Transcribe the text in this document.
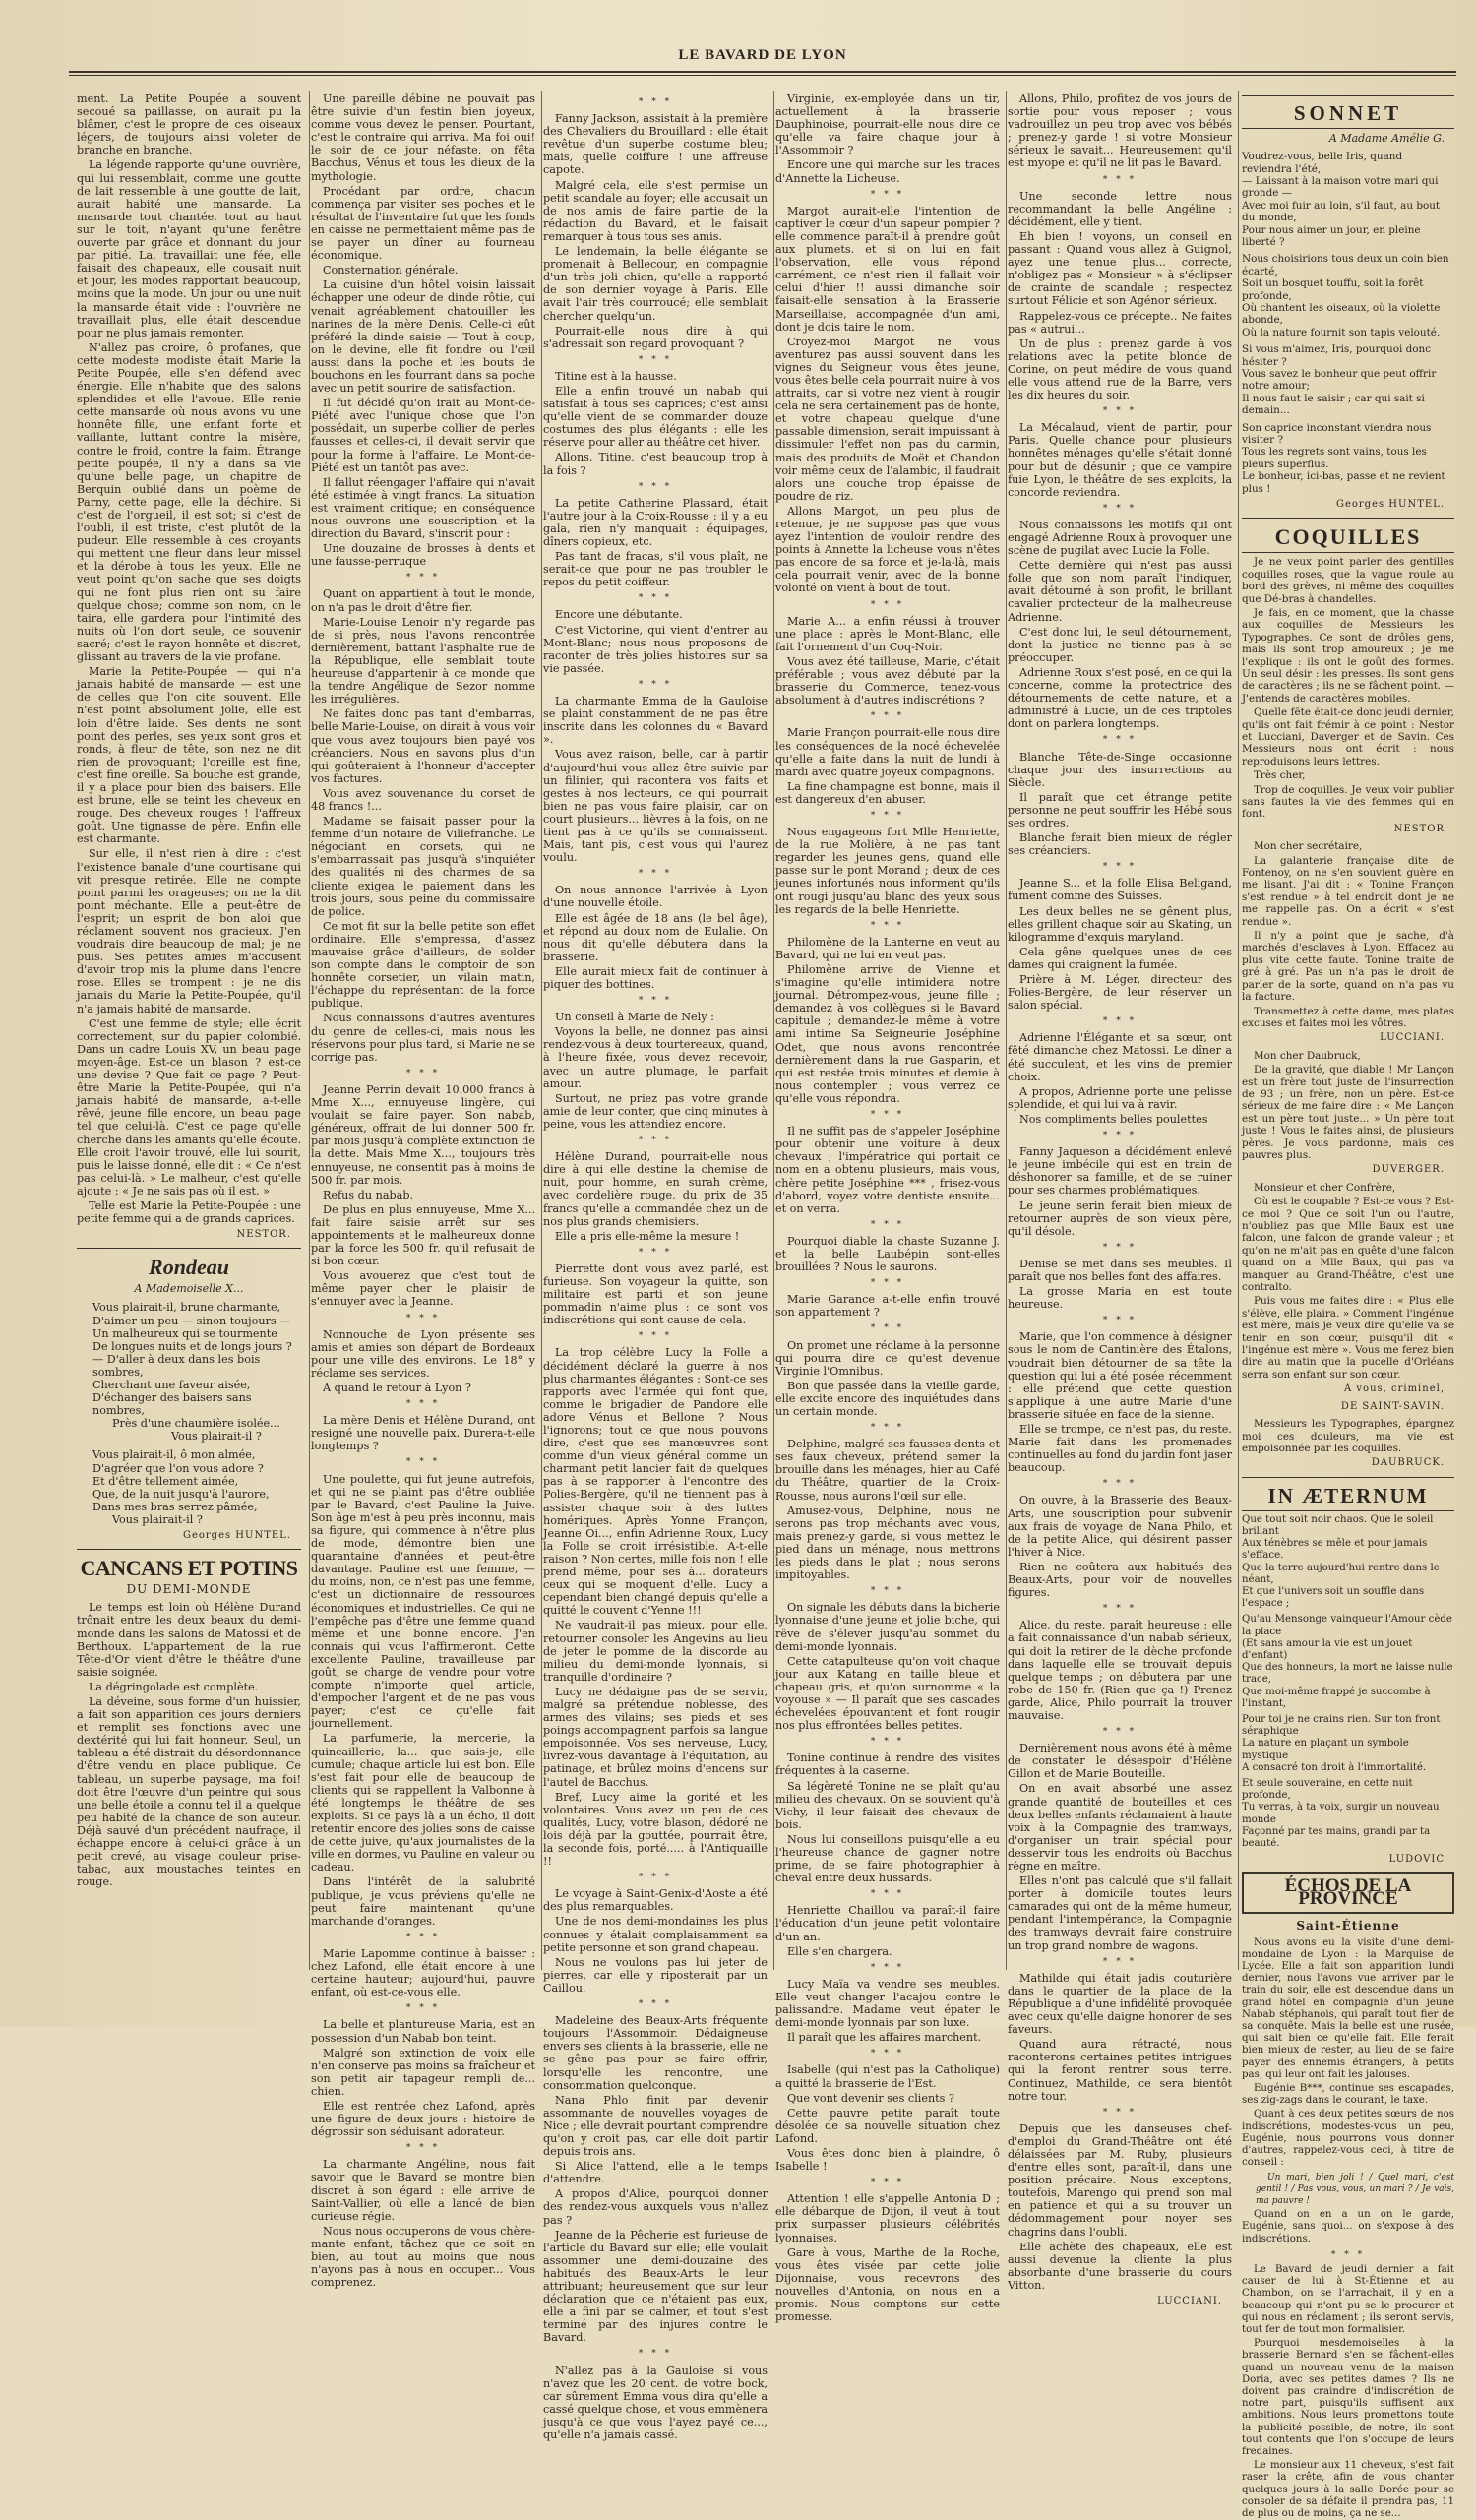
LE BAVARD DE LYON

ment. La Petite Poupée a souvent secoué sa paillasse, on aurait pu la blâmer, c'est le propre de ces oiseaux légers, de toujours ainsi voleter de branche en branche.

La légende rapporte qu'une ouvrière, qui lui ressemblait, comme une goutte de lait ressemble à une goutte de lait, aurait habité une mansarde. La mansarde tout chantée, tout au haut sur le toit, n'ayant qu'une fenêtre ouverte par grâce et donnant du jour par pitié. La, travaillait une fée, elle faisait des chapeaux, elle cousait nuit et jour, les modes rapportait beaucoup, moins que la mode. Un jour ou une nuit la mansarde était vide : l'ouvrière ne travaillait plus, elle était descendue pour ne plus jamais remonter.

N'allez pas croire, ô profanes, que cette modeste modiste était Marie la Petite Poupée, elle s'en défend avec énergie. Elle n'habite que des salons splendides et elle l'avoue. Elle renie cette mansarde où nous avons vu une honnête fille, une enfant forte et vaillante, luttant contre la misère, contre le froid, contre la faim. Étrange petite poupée, il n'y a dans sa vie qu'une belle page, un chapitre de Berquin oublié dans un poème de Parny, cette page, elle la déchire. Si c'est de l'orgueil, il est sot; si c'est de l'oubli, il est triste, c'est plutôt de la pudeur. Elle ressemble à ces croyants qui mettent une fleur dans leur missel et la dérobe à tous les yeux. Elle ne veut point qu'on sache que ses doigts qui ne font plus rien ont su faire quelque chose; comme son nom, on le taira, elle gardera pour l'intimité des nuits où l'on dort seule, ce souvenir sacré; c'est le rayon honnête et discret, glissant au travers de la vie profane.

Marie la Petite-Poupée — qui n'a jamais habité de mansarde — est une de celles que l'on cite souvent. Elle n'est point absolument jolie, elle est loin d'être laide. Ses dents ne sont point des perles, ses yeux sont gros et ronds, à fleur de tête, son nez ne dit rien de provoquant; l'oreille est fine, c'est fine oreille. Sa bouche est grande, il y a place pour bien des baisers. Elle est brune, elle se teint les cheveux en rouge. Des cheveux rouges ! l'affreux goût. Une tignasse de père. Enfin elle est charmante.

Sur elle, il n'est rien à dire : c'est l'existence banale d'une courtisane qui vit presque retirée. Elle ne compte point parmi les orageuses; on ne la dit point méchante. Elle a peut-être de l'esprit; un esprit de bon aloi que réclament souvent nos gracieux. J'en voudrais dire beaucoup de mal; je ne puis. Ses petites amies m'accusent d'avoir trop mis la plume dans l'encre rose. Elles se trompent : je ne dis jamais du Marie la Petite-Poupée, qu'il n'a jamais habité de mansarde.

C'est une femme de style; elle écrit correctement, sur du papier colombié. Dans un cadre Louis XV, un beau page moyen-âge. Est-ce un blason ? est-ce une devise ? Que fait ce page ? Peut-être Marie la Petite-Poupée, qui n'a jamais habité de mansarde, a-t-elle rêvé, jeune fille encore, un beau page tel que celui-là. C'est ce page qu'elle cherche dans les amants qu'elle écoute. Elle croit l'avoir trouvé, elle lui sourit, puis le laisse donné, elle dit : « Ce n'est pas celui-là. » Le malheur, c'est qu'elle ajoute : « Je ne sais pas où il est. »

Telle est Marie la Petite-Poupée : une petite femme qui a de grands caprices.

NESTOR.
Rondeau
A Mademoiselle X...
Vous plairait-il, brune charmante,
D'aimer un peu — sinon toujours —
Un malheureux qui se tourmente
De longues nuits et de longs jours ?
— D'aller à deux dans les bois sombres,
Cherchant une faveur aisée,
D'échanger des baisers sans nombres,
Près d'une chaumière isolée...
Vous plairait-il ?
Vous plairait-il, ô mon almée,
D'agréer que l'on vous adore ?
Et d'être tellement aimée,
Que, de la nuit jusqu'à l'aurore,
Dans mes bras serrez pâmée,
Vous plairait-il ?
Georges HUNTEL.
CANCANS ET POTINS
DU DEMI-MONDE

Le temps est loin où Hélène Durand trônait entre les deux beaux du demi-monde dans les salons de Matossi et de Berthoux. L'appartement de la rue Tête-d'Or vient d'être le théâtre d'une saisie soignée.

La dégringolade est complète.

La déveine, sous forme d'un huissier, a fait son apparition ces jours derniers et remplit ses fonctions avec une dextérité qui lui fait honneur. Seul, un tableau a été distrait du désordonnance d'être vendu en place publique. Ce tableau, un superbe paysage, ma foi! doit être l'œuvre d'un peintre qui sous une belle étoile a connu tel il a quelque peu habité de la chance de son auteur. Déjà sauvé d'un précédent naufrage, il échappe encore à celui-ci grâce à un petit crevé, au visage couleur prise-tabac, aux moustaches teintes en rouge.

Une pareille débine ne pouvait pas être suivie d'un festin bien joyeux, comme vous devez le penser. Pourtant, c'est le contraire qui arriva. Ma foi oui! le soir de ce jour néfaste, on fêta Bacchus, Vénus et tous les dieux de la mythologie.

Procédant par ordre, chacun commença par visiter ses poches et le résultat de l'inventaire fut que les fonds en caisse ne permettaient même pas de se payer un dîner au fourneau économique.

Consternation générale.

La cuisine d'un hôtel voisin laissait échapper une odeur de dinde rôtie, qui venait agréablement chatouiller les narines de la mère Denis. Celle-ci eût préféré la dinde saisie — Tout à coup, on le devine, elle fit fondre ou l'œil aussi dans la poche et les bouts de bouchons en les fourrant dans sa poche avec un petit sourire de satisfaction.

Il fut décidé qu'on irait au Mont-de-Piété avec l'unique chose que l'on possédait, un superbe collier de perles fausses et celles-ci, il devait servir que pour la forme à l'affaire. Le Mont-de-Piété est un tantôt pas avec.

Il fallut réengager l'affaire qui n'avait été estimée à vingt francs. La situation est vraiment critique; en conséquence nous ouvrons une souscription et la direction du Bavard, s'inscrit pour :

Une douzaine de brosses à dents et une fausse-perruque

* * *

Quant on appartient à tout le monde, on n'a pas le droit d'être fier.

Marie-Louise Lenoir n'y regarde pas de si près, nous l'avons rencontrée dernièrement, battant l'asphalte rue de la République, elle semblait toute heureuse d'appartenir à ce monde que la tendre Angélique de Sezor nomme les irrégulières.

Ne faites donc pas tant d'embarras, belle Marie-Louise, on dirait à vous voir que vous avez toujours bien payé vos créanciers. Nous en savons plus d'un qui goûteraient à l'honneur d'accepter vos factures.

Vous avez souvenance du corset de 48 francs !...

Madame se faisait passer pour la femme d'un notaire de Villefranche. Le négociant en corsets, qui ne s'embarrassait pas jusqu'à s'inquiéter des qualités ni des charmes de sa cliente exigea le paiement dans les trois jours, sous peine du commissaire de police.

Ce mot fit sur la belle petite son effet ordinaire. Elle s'empressa, d'assez mauvaise grâce d'ailleurs, de solder son compte dans le comptoir de son honnête corsetier, un vilain matin, l'échappe du représentant de la force publique.

Nous connaissons d'autres aventures du genre de celles-ci, mais nous les réservons pour plus tard, si Marie ne se corrige pas.

* * *

Jeanne Perrin devait 10.000 francs à Mme X..., ennuyeuse lingère, qui voulait se faire payer. Son nabab, généreux, offrait de lui donner 500 fr. par mois jusqu'à complète extinction de la dette. Mais Mme X..., toujours très ennuyeuse, ne consentit pas à moins de 500 fr. par mois.

Refus du nabab.

De plus en plus ennuyeuse, Mme X... fait faire saisie arrêt sur ses appointements et le malheureux donne par la force les 500 fr. qu'il refusait de si bon cœur.

Vous avouerez que c'est tout de même payer cher le plaisir de s'ennuyer avec la Jeanne.

* * *

Nonnouche de Lyon présente ses amis et amies son départ de Bordeaux pour une ville des environs. Le 18° y réclame ses services.

A quand le retour à Lyon ?

* * *

La mère Denis et Hélène Durand, ont resigné une nouvelle paix. Durera-t-elle longtemps ?

* * *

Une poulette, qui fut jeune autrefois, et qui ne se plaint pas d'être oubliée par le Bavard, c'est Pauline la Juive. Son âge m'est à peu près inconnu, mais sa figure, qui commence à n'être plus de mode, démontre bien une quarantaine d'années et peut-être davantage. Pauline est une femme, — du moins, non, ce n'est pas une femme, c'est un dictionnaire de ressources économiques et industrielles. Ce qui ne l'empêche pas d'être une femme quand même et une bonne encore. J'en connais qui vous l'affirmeront. Cette excellente Pauline, travailleuse par goût, se charge de vendre pour votre compte n'importe quel article, d'empocher l'argent et de ne pas vous payer; c'est ce qu'elle fait journellement.

La parfumerie, la mercerie, la quincaillerie, la... que sais-je, elle cumule; chaque article lui est bon. Elle s'est fait pour elle de beaucoup de clients qui se rappellent la Valbonne à été longtemps le théâtre de ses exploits. Si ce pays là a un écho, il doit retentir encore des jolies sons de caisse de cette juive, qu'aux journalistes de la ville en dormes, vu Pauline en valeur ou cadeau.

Dans l'intérêt de la salubrité publique, je vous préviens qu'elle ne peut faire maintenant qu'une marchande d'oranges.

* * *

Marie Lapomme continue à baisser : chez Lafond, elle était encore à une certaine hauteur; aujourd'hui, pauvre enfant, où est-ce-vous elle.

* * *

La belle et plantureuse Maria, est en possession d'un Nabab bon teint.

Malgré son extinction de voix elle n'en conserve pas moins sa fraîcheur et son petit air tapageur rempli de... chien.

Elle est rentrée chez Lafond, après une figure de deux jours : histoire de dégrossir son séduisant adorateur.

* * *

La charmante Angéline, nous fait savoir que le Bavard se montre bien discret à son égard : elle arrive de Saint-Vallier, où elle a lancé de bien curieuse régie.

Nous nous occuperons de vous chère-mante enfant, tâchez que ce soit en bien, au tout au moins que nous n'ayons pas à nous en occuper... Vous comprenez.

* * *

Fanny Jackson, assistait à la première des Chevaliers du Brouillard : elle était revêtue d'un superbe costume bleu; mais, quelle coiffure ! une affreuse capote.

Malgré cela, elle s'est permise un petit scandale au foyer; elle accusait un de nos amis de faire partie de la rédaction du Bavard, et le faisait remarquer à tous tous ses amis.

Le lendemain, la belle élégante se promenait à Bellecour, en compagnie d'un très joli chien, qu'elle a rapporté de son dernier voyage à Paris. Elle avait l'air très courroucé; elle semblait chercher quelqu'un.

Pourrait-elle nous dire à qui s'adressait son regard provoquant ?

* * *

Titine est à la hausse.

Elle a enfin trouvé un nabab qui satisfait à tous ses caprices; c'est ainsi qu'elle vient de se commander douze costumes des plus élégants : elle les réserve pour aller au théâtre cet hiver.

Allons, Titine, c'est beaucoup trop à la fois ?

* * *

La petite Catherine Plassard, était l'autre jour à la Croix-Rousse : il y a eu gala, rien n'y manquait : équipages, dîners copieux, etc.

Pas tant de fracas, s'il vous plaît, ne serait-ce que pour ne pas troubler le repos du petit coiffeur.

* * *

Encore une débutante.

C'est Victorine, qui vient d'entrer au Mont-Blanc; nous nous proposons de raconter de très jolies histoires sur sa vie passée.

* * *

La charmante Emma de la Gauloise se plaint constamment de ne pas être inscrite dans les colonnes du « Bavard ».

Vous avez raison, belle, car à partir d'aujourd'hui vous allez être suivie par un filinier, qui racontera vos faits et gestes à nos lecteurs, ce qui pourrait bien ne pas vous faire plaisir, car on court plusieurs... lièvres à la fois, on ne tient pas à ce qu'ils se connaissent. Mais, tant pis, c'est vous qui l'aurez voulu.

* * *

On nous annonce l'arrivée à Lyon d'une nouvelle étoile.

Elle est âgée de 18 ans (le bel âge), et répond au doux nom de Eulalie. On nous dit qu'elle débutera dans la brasserie.

Elle aurait mieux fait de continuer à piquer des bottines.

* * *

Un conseil à Marie de Nely :

Voyons la belle, ne donnez pas ainsi rendez-vous à deux tourtereaux, quand, à l'heure fixée, vous devez recevoir, avec un autre plumage, le parfait amour.

Surtout, ne priez pas votre grande amie de leur conter, que cinq minutes à peine, vous les attendiez encore.

* * *

Hélène Durand, pourrait-elle nous dire à qui elle destine la chemise de nuit, pour homme, en surah crème, avec cordelière rouge, du prix de 35 francs qu'elle a commandée chez un de nos plus grands chemisiers.

Elle a pris elle-même la mesure !

* * *

Pierrette dont vous avez parlé, est furieuse. Son voyageur la quitte, son militaire est parti et son jeune pommadin n'aime plus : ce sont vos indiscrétions qui sont cause de cela.

* * *

La trop célèbre Lucy la Folle a décidément déclaré la guerre à nos plus charmantes élégantes : Sont-ce ses rapports avec l'armée qui font que, comme le brigadier de Pandore elle adore Vénus et Bellone ? Nous l'ignorons; tout ce que nous pouvons dire, c'est que ses manœuvres sont comme d'un vieux général comme un charmant petit lancier fait de quelques pas à se rapporter à l'encontre des Polies-Bergère, qu'il ne tiennent pas à assister chaque soir à des luttes homériques. Après Yonne Françon, Jeanne Oi..., enfin Adrienne Roux, Lucy la Folle se croit irrésistible. A-t-elle raison ? Non certes, mille fois non ! elle prend même, pour ses à... dorateurs ceux qui se moquent d'elle. Lucy a cependant bien changé depuis qu'elle a quitté le couvent d'Yenne !!!

Ne vaudrait-il pas mieux, pour elle, retourner consoler les Angevins au lieu de jeter le pomme de la discorde au milieu du demi-monde lyonnais, si tranquille d'ordinaire ?

Lucy ne dédaigne pas de se servir, malgré sa prétendue noblesse, des armes des vilains; ses pieds et ses poings accompagnent parfois sa langue empoisonnée. Vos ses nerveuse, Lucy, livrez-vous davantage à l'équitation, au patinage, et brûlez moins d'encens sur l'autel de Bacchus.

Bref, Lucy aime la gorité et les volontaires. Vous avez un peu de ces qualités, Lucy, votre blason, dédoré ne lois déjà par la gouttée, pourrait être, la seconde fois, porté..... à l'Antiquaille !!

* * *

Le voyage à Saint-Genix-d'Aoste a été des plus remarquables.

Une de nos demi-mondaines les plus connues y étalait complaisamment sa petite personne et son grand chapeau.

Nous ne voulons pas lui jeter de pierres, car elle y riposterait par un Caillou.

* * *

Madeleine des Beaux-Arts fréquente toujours l'Assommoir. Dédaigneuse envers ses clients à la brasserie, elle ne se gêne pas pour se faire offrir, lorsqu'elle les rencontre, une consommation quelconque.

Nana Phlo finit par devenir assommante de nouvelles voyages de Nice ; elle devrait pourtant comprendre qu'on y croit pas, car elle doit partir depuis trois ans.

Si Alice l'attend, elle a le temps d'attendre.

A propos d'Alice, pourquoi donner des rendez-vous auxquels vous n'allez pas ?

Jeanne de la Pêcherie est furieuse de l'article du Bavard sur elle; elle voulait assommer une demi-douzaine des habitués des Beaux-Arts le leur attribuant; heureusement que sur leur déclaration que ce n'étaient pas eux, elle a fini par se calmer, et tout s'est terminé par des injures contre le Bavard.

* * *

N'allez pas à la Gauloise si vous n'avez que les 20 cent. de votre bock, car sûrement Emma vous dira qu'elle a cassé quelque chose, et vous emmènera jusqu'à ce que vous l'ayez payé ce..., qu'elle n'a jamais cassé.

Virginie, ex-employée dans un tir, actuellement à la brasserie Dauphinoise, pourrait-elle nous dire ce qu'elle va faire chaque jour à l'Assommoir ?

Encore une qui marche sur les traces d'Annette la Licheuse.

* * *

Margot aurait-elle l'intention de captiver le cœur d'un sapeur pompier ? elle commence paraît-il à prendre goût aux plumets. et si on lui en fait l'observation, elle vous répond carrément, ce n'est rien il fallait voir celui d'hier !! aussi dimanche soir faisait-elle sensation à la Brasserie Marseillaise, accompagnée d'un ami, dont je dois taire le nom.

Croyez-moi Margot ne vous aventurez pas aussi souvent dans les vignes du Seigneur, vous êtes jeune, vous êtes belle cela pourrait nuire à vos attraits, car si votre nez vient à rougir cela ne sera certainement pas de honte, et votre chapeau quelque d'une passable dimension, serait impuissant à dissimuler l'effet non pas du carmin, mais des produits de Moët et Chandon voir même ceux de l'alambic, il faudrait alors une couche trop épaisse de poudre de riz.

Allons Margot, un peu plus de retenue, je ne suppose pas que vous ayez l'intention de vouloir rendre des points à Annette la licheuse vous n'êtes pas encore de sa force et je-la-là, mais cela pourrait venir, avec de la bonne volonté on vient à bout de tout.

* * *

Marie A... a enfin réussi à trouver une place : après le Mont-Blanc, elle fait l'ornement d'un Coq-Noir.

Vous avez été tailleuse, Marie, c'était préférable ; vous avez débuté par la brasserie du Commerce, tenez-vous absolument à d'autres indiscrétions ?

* * *

Marie Françon pourrait-elle nous dire les conséquences de la nocé échevelée qu'elle a faite dans la nuit de lundi à mardi avec quatre joyeux compagnons.

La fine champagne est bonne, mais il est dangereux d'en abuser.

* * *

Nous engageons fort Mlle Henriette, de la rue Molière, à ne pas tant regarder les jeunes gens, quand elle passe sur le pont Morand ; deux de ces jeunes infortunés nous informent qu'ils ont rougi jusqu'au blanc des yeux sous les regards de la belle Henriette.

* * *

Philomène de la Lanterne en veut au Bavard, qui ne lui en veut pas.

Philomène arrive de Vienne et s'imagine qu'elle intimidera notre journal. Détrompez-vous, jeune fille ; demandez à vos collègues si le Bavard capitule ; demandez-le même à votre ami intime Sa Seigneurie Joséphine Odet, que nous avons rencontrée dernièrement dans la rue Gasparin, et qui est restée trois minutes et demie à nous contempler ; vous verrez ce qu'elle vous répondra.

* * *

Il ne suffit pas de s'appeler Joséphine pour obtenir une voiture à deux chevaux ; l'impératrice qui portait ce nom en a obtenu plusieurs, mais vous, chère petite Joséphine *** , frisez-vous d'abord, voyez votre dentiste ensuite... et on verra.

* * *

Pourquoi diable la chaste Suzanne J. et la belle Laubépin sont-elles brouillées ? Nous le saurons.

* * *

Marie Garance a-t-elle enfin trouvé son appartement ?

* * *

On promet une réclame à la personne qui pourra dire ce qu'est devenue Virginie l'Omnibus.

Bon que passée dans la vieille garde, elle excite encore des inquiétudes dans un certain monde.

* * *

Delphine, malgré ses fausses dents et ses faux cheveux, prétend semer la brouille dans les ménages, hier au Café du Théâtre, quartier de la Croix-Rousse, nous aurons l'œil sur elle.

Amusez-vous, Delphine, nous ne serons pas trop méchants avec vous, mais prenez-y garde, si vous mettez le pied dans un ménage, nous mettrons les pieds dans le plat ; nous serons impitoyables.

* * *

On signale les débuts dans la bicherie lyonnaise d'une jeune et jolie biche, qui rêve de s'élever jusqu'au sommet du demi-monde lyonnais.

Cette catapulteuse qu'on voit chaque jour aux Katang en taille bleue et chapeau gris, et qu'on surnomme « la voyouse » — Il paraît que ses cascades échevelées épouvantent et font rougir nos plus effrontées belles petites.

* * *

Tonine continue à rendre des visites fréquentes à la caserne.

Sa légèreté Tonine ne se plaît qu'au milieu des chevaux. On se souvient qu'à Vichy, il leur faisait des chevaux de bois.

Nous lui conseillons puisqu'elle a eu l'heureuse chance de gagner notre prime, de se faire photographier à cheval entre deux hussards.

* * *

Henriette Chaillou va paraît-il faire l'éducation d'un jeune petit volontaire d'un an.

Elle s'en chargera.

* * *

Lucy Maïa va vendre ses meubles. Elle veut changer l'acajou contre le palissandre. Madame veut épater le demi-monde lyonnais par son luxe.

Il paraît que les affaires marchent.

* * *

Isabelle (qui n'est pas la Catholique) a quitté la brasserie de l'Est.

Que vont devenir ses clients ?

Cette pauvre petite paraît toute désolée de sa nouvelle situation chez Lafond.

Vous êtes donc bien à plaindre, ô Isabelle !

* * *

Attention ! elle s'appelle Antonia D ; elle débarque de Dijon, il veut à tout prix surpasser plusieurs célébrités lyonnaises.

Gare à vous, Marthe de la Roche, vous êtes visée par cette jolie Dijonnaise, vous recevrons des nouvelles d'Antonia, on nous en a promis. Nous comptons sur cette promesse.

Allons, Philo, profitez de vos jours de sortie pour vous reposer ; vous vadrouillez un peu trop avec vos bébés ; prenez-y garde ! si votre Monsieur sérieux le savait... Heureusement qu'il est myope et qu'il ne lit pas le Bavard.

* * *

Une seconde lettre nous recommandant la belle Angéline : décidément, elle y tient.

Eh bien ! voyons, un conseil en passant : Quand vous allez à Guignol, ayez une tenue plus... correcte, n'obligez pas « Monsieur » à s'éclipser de crainte de scandale ; respectez surtout Félicie et son Agénor sérieux.

Rappelez-vous ce précepte.. Ne faites pas « autrui...

Un de plus : prenez garde à vos relations avec la petite blonde de Corine, on peut médire de vous quand elle vous attend rue de la Barre, vers les dix heures du soir.

* * *

La Mécalaud, vient de partir, pour Paris. Quelle chance pour plusieurs honnêtes ménages qu'elle s'était donné pour but de désunir ; que ce vampire fuie Lyon, le théâtre de ses exploits, la concorde reviendra.

* * *

Nous connaissons les motifs qui ont engagé Adrienne Roux à provoquer une scène de pugilat avec Lucie la Folle.

Cette dernière qui n'est pas aussi folle que son nom paraît l'indiquer, avait détourné à son profit, le brillant cavalier protecteur de la malheureuse Adrienne.

C'est donc lui, le seul détournement, dont la justice ne tienne pas à se préoccuper.

Adrienne Roux s'est posé, en ce qui la concerne, comme la protectrice des détournements de cette nature, et a administré à Lucie, un de ces triptoles dont on parlera longtemps.

* * *

Blanche Tête-de-Singe occasionne chaque jour des insurrections au Siècle.

Il paraît que cet étrange petite personne ne peut souffrir les Hébé sous ses ordres.

Blanche ferait bien mieux de régler ses créanciers.

* * *

Jeanne S... et la folle Elisa Beligand, fument comme des Suisses.

Les deux belles ne se gênent plus, elles grillent chaque soir au Skating, un kilogramme d'exquis maryland.

Cela gêne quelques unes de ces dames qui craignent la fumée.

Prière à M. Léger, directeur des Folies-Bergère, de leur réserver un salon spécial.

* * *

Adrienne l'Élégante et sa sœur, ont fêté dimanche chez Matossi. Le dîner a été succulent, et les vins de premier choix.

A propos, Adrienne porte une pelisse splendide, et qui lui va à ravir.

Nos compliments belles poulettes

* * *

Fanny Jaqueson a décidément enlevé le jeune imbécile qui est en train de déshonorer sa famille, et de se ruiner pour ses charmes problématiques.

Le jeune serin ferait bien mieux de retourner auprès de son vieux père, qu'il désole.

* * *

Denise se met dans ses meubles. Il paraît que nos belles font des affaires.

La grosse Maria en est toute heureuse.

* * *

Marie, que l'on commence à désigner sous le nom de Cantinière des Étalons, voudrait bien détourner de sa tête la question qui lui a été posée récemment : elle prétend que cette question s'applique à une autre Marie d'une brasserie située en face de la sienne.

Elle se trompe, ce n'est pas, du reste. Marie fait dans les promenades continuelles au fond du jardin font jaser beaucoup.

* * *

On ouvre, à la Brasserie des Beaux-Arts, une souscription pour subvenir aux frais de voyage de Nana Philo, et de la petite Alice, qui désirent passer l'hiver à Nice.

Rien ne coûtera aux habitués des Beaux-Arts, pour voir de nouvelles figures.

* * *

Alice, du reste, paraît heureuse : elle a fait connaissance d'un nabab sérieux, qui doit la retirer de la dèche profonde dans laquelle elle se trouvait depuis quelque temps ; on débutera par une robe de 150 fr. (Rien que ça !) Prenez garde, Alice, Philo pourrait la trouver mauvaise.

* * *

Dernièrement nous avons été à même de constater le désespoir d'Hélène Gillon et de Marie Bouteille.

On en avait absorbé une assez grande quantité de bouteilles et ces deux belles enfants réclamaient à haute voix à la Compagnie des tramways, d'organiser un train spécial pour desservir tous les endroits où Bacchus règne en maître.

Elles n'ont pas calculé que s'il fallait porter à domicile toutes leurs camarades qui ont de la même humeur, pendant l'intempérance, la Compagnie des tramways devrait faire construire un trop grand nombre de wagons.

* * *

Mathilde qui était jadis couturière dans le quartier de la place de la République a d'une infidélité provoquée avec ceux qu'elle daigne honorer de ses faveurs.

Quand aura rétracté, nous raconterons certaines petites intrigues qui la feront rentrer sous terre. Continuez, Mathilde, ce sera bientôt notre tour.

* * *

Depuis que les danseuses chef-d'emploi du Grand-Théâtre ont été délaissées par M. Ruby, plusieurs d'entre elles sont, paraît-il, dans une position précaire. Nous exceptons, toutefois, Marengo qui prend son mal en patience et qui a su trouver un dédommagement pour noyer ses chagrins dans l'oubli.

Elle achète des chapeaux, elle est aussi devenue la cliente la plus absorbante d'une brasserie du cours Vitton.

LUCCIANI.
SONNET
A Madame Amélie G.
Voudrez-vous, belle Iris, quand reviendra l'été,
— Laissant à la maison votre mari qui gronde —
Avec moi fuir au loin, s'il faut, au bout du monde,
Pour nous aimer un jour, en pleine liberté ?
Nous choisirions tous deux un coin bien écarté,
Soit un bosquet touffu, soit la forêt profonde,
Où chantent les oiseaux, où la violette abonde,
Où la nature fournit son tapis velouté.
Si vous m'aimez, Iris, pourquoi donc hésiter ?
Vous savez le bonheur que peut offrir notre amour;
Il nous faut le saisir ; car qui sait si demain...
Son caprice inconstant viendra nous visiter ?
Tous les regrets sont vains, tous les pleurs superflus.
Le bonheur, ici-bas, passe et ne revient plus !
Georges HUNTEL.
COQUILLES

Je ne veux point parler des gentilles coquilles roses, que la vague roule au bord des grèves, ni même des coquilles que Dé-bras à chandelles.

Je fais, en ce moment, que la chasse aux coquilles de Messieurs les Typographes. Ce sont de drôles gens, mais ils sont trop amoureux ; je me l'explique : ils ont le goût des formes. Un seul désir : les presses. Ils sont gens de caractères ; ils ne se fâchent point. — J'entends de caractères mobiles.

Quelle fête était-ce donc jeudi dernier, qu'ils ont fait frémir à ce point : Nestor et Lucciani, Daverger et de Savin. Ces Messieurs nous ont écrit : nous reproduisons leurs lettres.

Très cher,

Trop de coquilles. Je veux voir publier sans fautes la vie des femmes qui en font.

NESTOR

Mon cher secrétaire,

La galanterie française dite de Fontenoy, on ne s'en souvient guère en me lisant. J'ai dit : « Tonine Françon s'est rendue » à tel endroit dont je ne me rappelle pas. On a écrit « s'est rendue ».

Il n'y a point que je sache, d'à marchés d'esclaves à Lyon. Effacez au plus vite cette faute. Tonine traite de gré à gré. Pas un n'a pas le droit de parler de la sorte, quand on n'a pas vu la facture.

Transmettez à cette dame, mes plates excuses et faites moi les vôtres.

LUCCIANI.

Mon cher Daubruck,

De la gravité, que diable ! Mr Lançon est un frère tout juste de l'insurrection de 93 ; un frère, non un père. Est-ce sérieux de me faire dire : « Me Lançon est un père tout juste... » Un père tout juste ! Vous le faites ainsi, de plusieurs pères. Je vous pardonne, mais ces pauvres plus.

DUVERGER.

Monsieur et cher Confrère,

Où est le coupable ? Est-ce vous ? Est-ce moi ? Que ce soit l'un ou l'autre, n'oubliez pas que Mlle Baux est une falcon, une falcon de grande valeur ; et qu'on ne m'ait pas en quête d'une falcon quand on a Mlle Baux, qui pas va manquer au Grand-Théâtre, c'est une contralto.

Puis vous me faites dire : « Plus elle s'élève, elle plaira. » Comment l'ingénue est mère, mais je veux dire qu'elle va se tenir en son cœur, puisqu'il dit « l'ingénue est mère ». Vous me ferez bien dire au matin que la pucelle d'Orléans serra son enfant sur son cœur.

A vous, criminel,
DE SAINT-SAVIN.

Messieurs les Typographes, épargnez moi ces douleurs, ma vie est empoisonnée par les coquilles.

DAUBRUCK.
IN ÆTERNUM
Que tout soit noir chaos. Que le soleil brillant
Aux ténèbres se mêle et pour jamais s'efface.
Que la terre aujourd'hui rentre dans le néant,
Et que l'univers soit un souffle dans l'espace ;
Qu'au Mensonge vainqueur l'Amour cède la place
(Et sans amour la vie est un jouet d'enfant)
Que des honneurs, la mort ne laisse nulle trace,
Que moi-même frappé je succombe à l'instant,
Pour toi je ne crains rien. Sur ton front séraphique
La nature en plaçant un symbole mystique
A consacré ton droit à l'immortalité.
Et seule souveraine, en cette nuit profonde,
Tu verras, à ta voix, surgir un nouveau monde
Façonné par tes mains, grandi par ta beauté.
LUDOVIC
ÉCHOS DE LA PROVINCE
Saint-Étienne

Nous avons eu la visite d'une demi-mondaine de Lyon : la Marquise de Lycée. Elle a fait son apparition lundi dernier, nous l'avons vue arriver par le train du soir, elle est descendue dans un grand hôtel en compagnie d'un jeune Nabab stéphanois, qui paraît tout fier de sa conquête. Mais la belle est une rusée, qui sait bien ce qu'elle fait. Elle ferait bien mieux de rester, au lieu de se faire payer des ennemis étrangers, à petits pas, qui leur ont fait les jalouses.

Eugénie B***, continue ses escapades, ses zig-zags dans le courant, le taxe.

Quant à ces deux petites sœurs de nos indiscrétions, modestes-vous un peu, Eugénie, nous pourrons vous donner d'autres, rappelez-vous ceci, à titre de conseil :

Un mari, bien joli ! / Quel mari, c'est gentil ! / Pas vous, vous, un mari ? / Je vais, ma pauvre !

Quand on en a un on le garde, Eugénie, sans quoi... on s'expose à des indiscrétions.

* * *

Le Bavard de jeudi dernier a fait causer de lui à St-Étienne et au Chambon, on se l'arrachait, il y en a beaucoup qui n'ont pu se le procurer et qui nous en réclament ; ils seront servis, tout fer de tout mon formalisier.

Pourquoi mesdemoiselles à la brasserie Bernard s'en se fâchent-elles quand un nouveau venu de la maison Doria, avec ses petites dames ? Ils ne doivent pas craindre d'indiscrétion de notre part, puisqu'ils suffisent aux ambitions. Nous leurs promettons toute la publicité possible, de notre, ils sont tout contents que l'on s'occupe de leurs fredaines.

Le monsieur aux 11 cheveux, s'est fait raser la crête, afin de vous chanter quelques jours à la salle Dorée pour se consoler de sa défaite il prendra pas, 11 de plus ou de moins, ça ne se...
